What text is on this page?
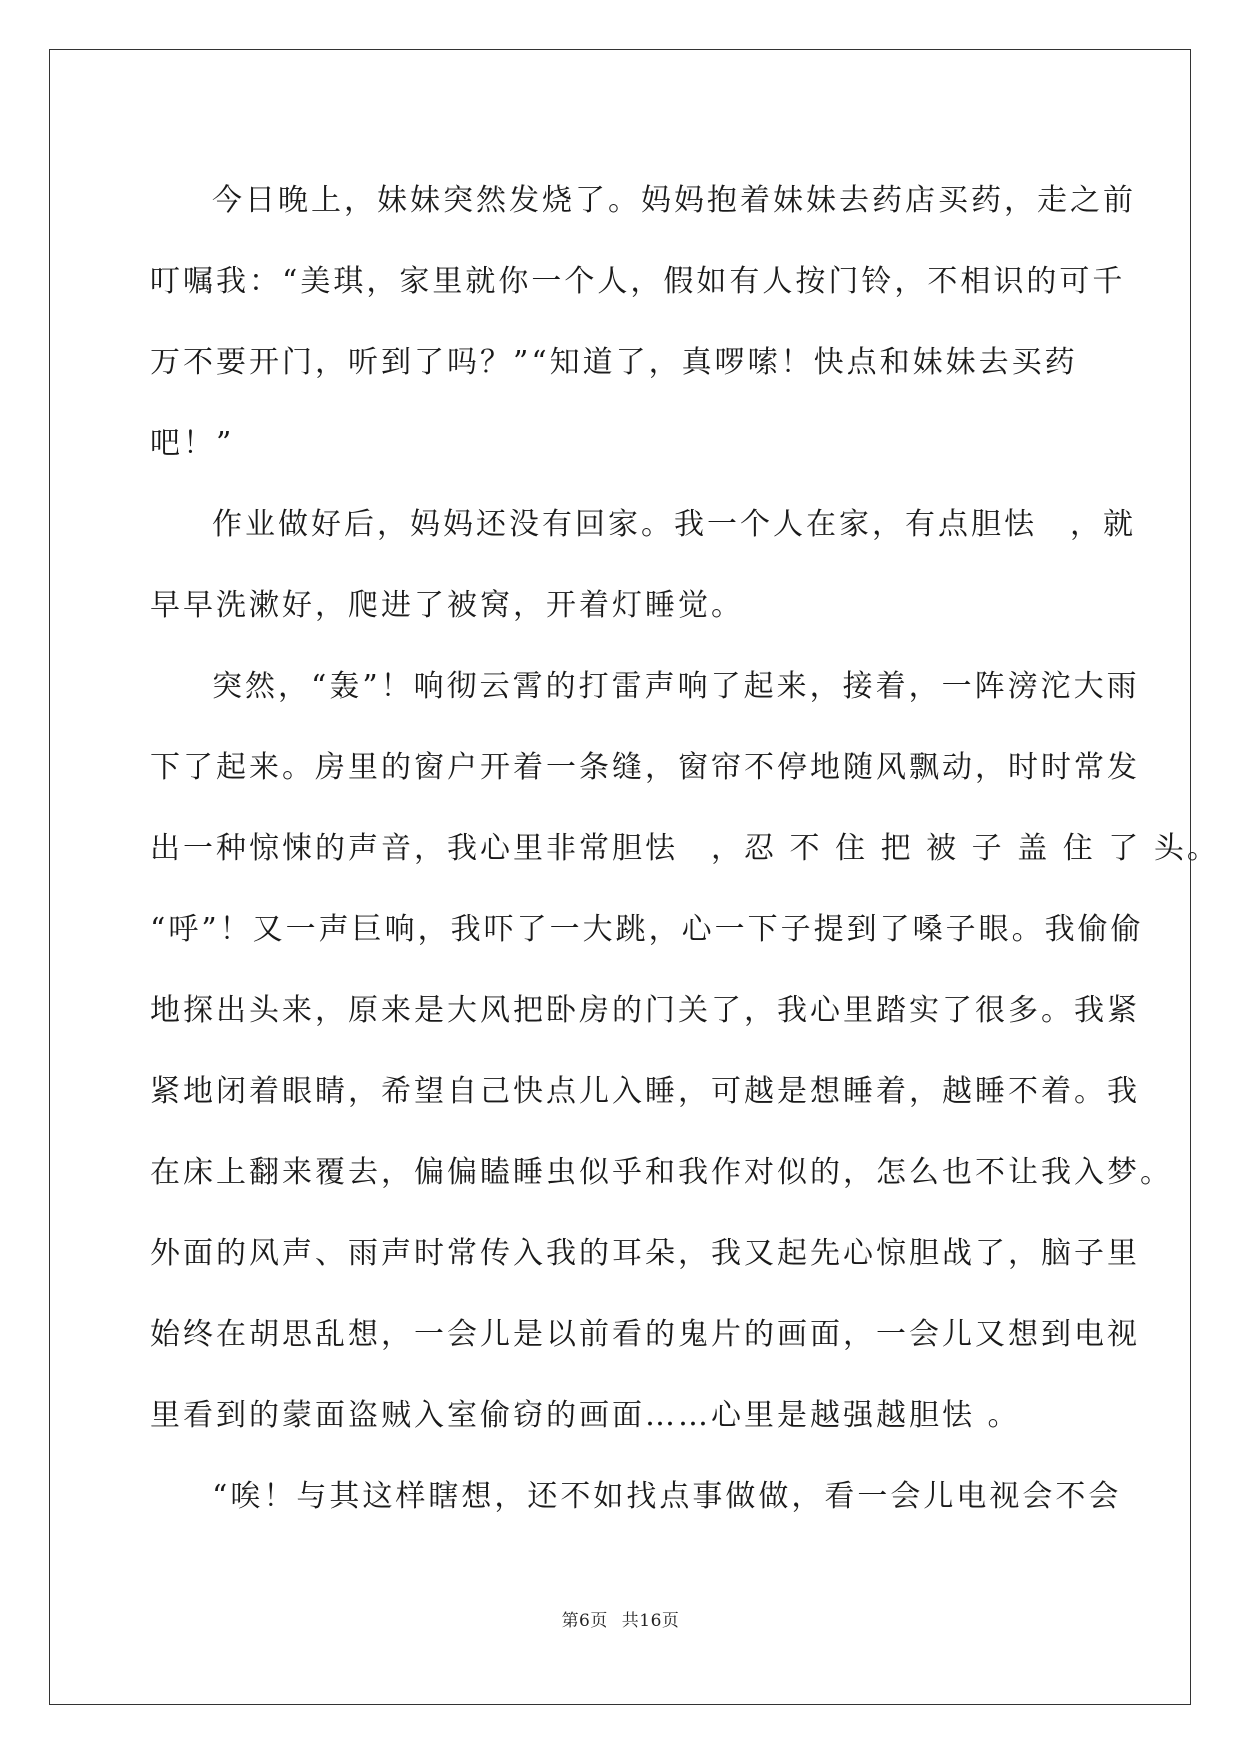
今日晚上，妹妹突然发烧了。妈妈抱着妹妹去药店买药，走之前
叮嘱我：“美琪，家里就你一个人，假如有人按门铃，不相识的可千
万不要开门，听到了吗？”“知道了，真啰嗦！快点和妹妹去买药
吧！”
作业做好后，妈妈还没有回家。我一个人在家，有点胆怯　，就
早早洗漱好，爬进了被窝，开着灯睡觉。
突然，“轰”！响彻云霄的打雷声响了起来，接着，一阵滂沱大雨
下了起来。房里的窗户开着一条缝，窗帘不停地随风飘动，时时常发
出一种惊悚的声音，我心里非常胆怯　，忍 不 住 把 被 子 盖 住 了 头。
“呼”！又一声巨响，我吓了一大跳，心一下子提到了嗓子眼。我偷偷
地探出头来，原来是大风把卧房的门关了，我心里踏实了很多。我紧
紧地闭着眼睛，希望自己快点儿入睡，可越是想睡着，越睡不着。我
在床上翻来覆去，偏偏瞌睡虫似乎和我作对似的，怎么也不让我入梦。
外面的风声、雨声时常传入我的耳朵，我又起先心惊胆战了，脑子里
始终在胡思乱想，一会儿是以前看的鬼片的画面，一会儿又想到电视
里看到的蒙面盗贼入室偷窃的画面……心里是越强越胆怯 。
“唉！与其这样瞎想，还不如找点事做做，看一会儿电视会不会
第6页 共16页
